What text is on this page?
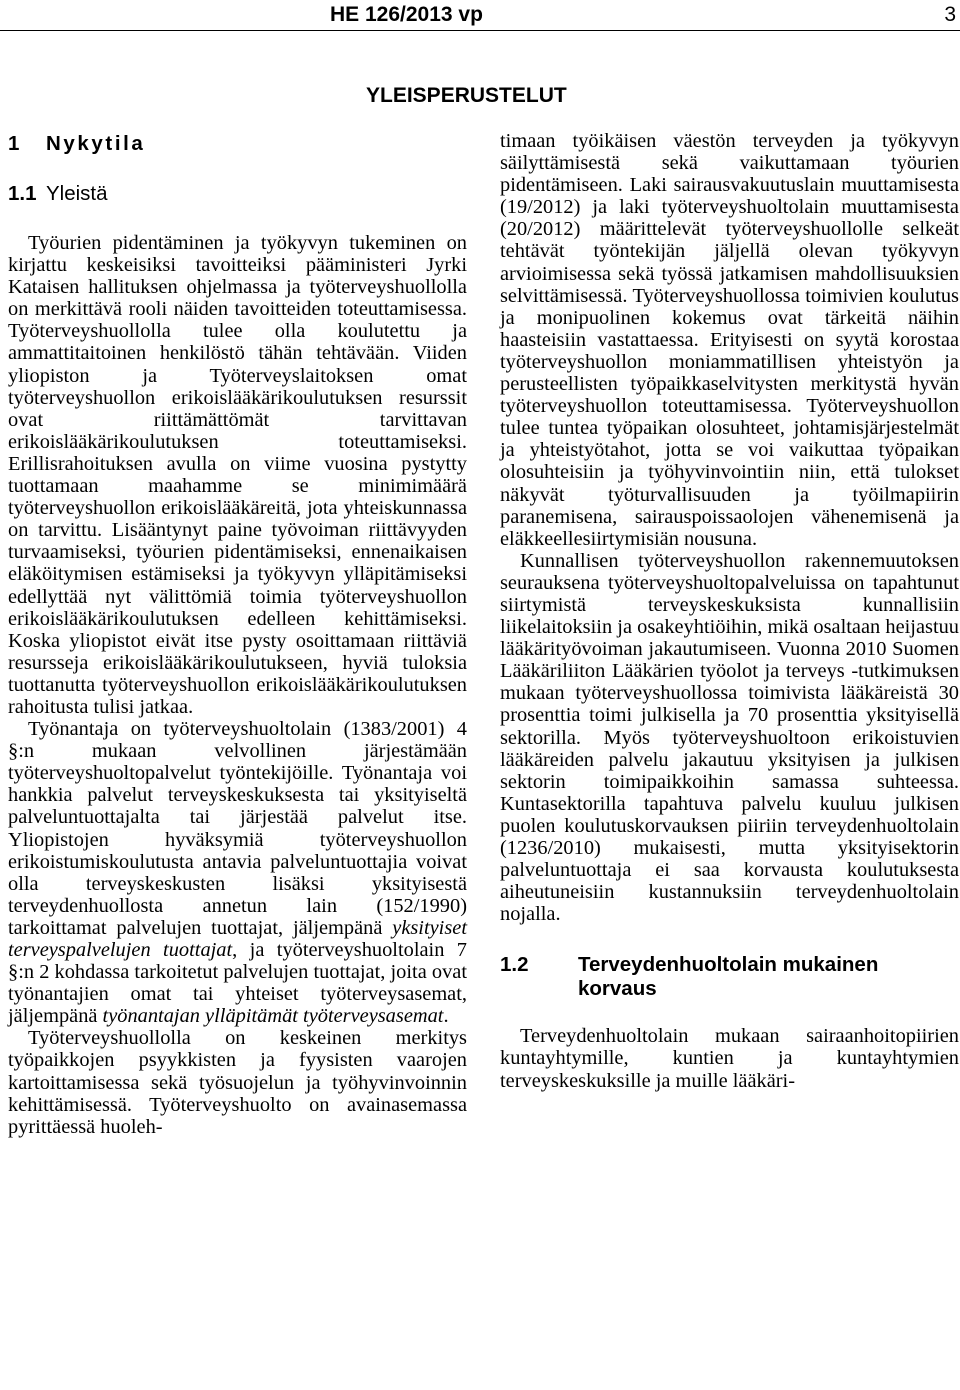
HE 126/2013 vp	3
YLEISPERUSTELUT
1 Nykytila
1.1 Yleistä

Työurien pidentäminen ja työkyvyn tukeminen on kirjattu keskeisiksi tavoitteiksi pääministeri Jyrki Kataisen hallituksen ohjelmassa ja työterveyshuollolla on merkittävä rooli näiden tavoitteiden toteuttamisessa. Työterveyshuollolla tulee olla koulutettu ja ammattitaitoinen henkilöstö tähän tehtävään. Viiden yliopiston ja Työterveyslaitoksen omat työterveyshuollon erikoislääkärikoulutuksen resurssit ovat riittämättömät tarvittavan erikoislääkärikoulutuksen toteuttamiseksi. Erillisrahoituksen avulla on viime vuosina pystytty tuottamaan maahamme se minimimäärä työterveyshuollon erikoislääkäreitä, jota yhteiskunnassa on tarvittu. Lisääntynyt paine työvoiman riittävyyden turvaamiseksi, työurien pidentämiseksi, ennenaikaisen eläköitymisen estämiseksi ja työkyvyn ylläpitämiseksi edellyttää nyt välittömiä toimia työterveyshuollon erikoislääkärikoulutuksen edelleen kehittämiseksi. Koska yliopistot eivät itse pysty osoittamaan riittäviä resursseja erikoislääkärikoulutukseen, hyviä tuloksia tuottanutta työterveyshuollon erikoislääkärikoulutuksen rahoitusta tulisi jatkaa.

Työnantaja on työterveyshuoltolain (1383/2001) 4 §:n mukaan velvollinen järjestämään työterveyshuoltopalvelut työntekijöille. Työnantaja voi hankkia palvelut terveyskeskuksesta tai yksityiseltä palveluntuottajalta tai järjestää palvelut itse. Yliopistojen hyväksymiä työterveyshuollon erikoistumiskoulutusta antavia palveluntuottajia voivat olla terveyskeskusten lisäksi yksityisestä terveydenhuollosta annetun lain (152/1990) tarkoittamat palvelujen tuottajat, jäljempänä yksityiset terveyspalvelujen tuottajat, ja työterveyshuoltolain 7 §:n 2 kohdassa tarkoitetut palvelujen tuottajat, joita ovat työnantajien omat tai yhteiset työterveysasemat, jäljempänä työnantajan ylläpitämät työterveysasemat.

Työterveyshuollolla on keskeinen merkitys työpaikkojen psyykkisten ja fyysisten vaarojen kartoittamisessa sekä työsuojelun ja työhyvinvoinnin kehittämisessä. Työterveyshuolto on avainasemassa pyrittäessä huoleh-

timaan työikäisen väestön terveyden ja työkyvyn säilyttämisestä sekä vaikuttamaan työurien pidentämiseen. Laki sairausvakuutuslain muuttamisesta (19/2012) ja laki työterveyshuoltolain muuttamisesta (20/2012) määrittelevät työterveyshuollolle selkeät tehtävät työntekijän jäljellä olevan työkyvyn arvioimisessa sekä työssä jatkamisen mahdollisuuksien selvittämisessä. Työterveyshuollossa toimivien koulutus ja monipuolinen kokemus ovat tärkeitä näihin haasteisiin vastattaessa. Erityisesti on syytä korostaa työterveyshuollon moniammatillisen yhteistyön ja perusteellisten työpaikkaselvitysten merkitystä hyvän työterveyshuollon toteuttamisessa. Työterveyshuollon tulee tuntea työpaikan olosuhteet, johtamisjärjestelmät ja yhteistyötahot, jotta se voi vaikuttaa työpaikan olosuhteisiin ja työhyvinvointiin niin, että tulokset näkyvät työturvallisuuden ja työilmapiirin paranemisena, sairauspoissaolojen vähenemisenä ja eläkkeellesiirtymisiän nousuna.

Kunnallisen työterveyshuollon rakennemuutoksen seurauksena työterveyshuoltopalveluissa on tapahtunut siirtymistä terveyskeskuksista kunnallisiin liikelaitoksiin ja osakeyhtiöihin, mikä osaltaan heijastuu lääkärityövoiman jakautumiseen. Vuonna 2010 Suomen Lääkäriliiton Lääkärien työolot ja terveys -tutkimuksen mukaan työterveyshuollossa toimivista lääkäreistä 30 prosenttia toimi julkisella ja 70 prosenttia yksityisellä sektorilla. Myös työterveyshuoltoon erikoistuvien lääkäreiden palvelu jakautuu yksityisen ja julkisen sektorin toimipaikkoihin samassa suhteessa. Kuntasektorilla tapahtuva palvelu kuuluu julkisen puolen koulutuskorvauksen piiriin terveydenhuoltolain (1236/2010) mukaisesti, mutta yksityisektorin palveluntuottaja ei saa korvausta koulutuksesta aiheutuneisiin kustannuksiin terveydenhuoltolain nojalla.

1.2	Terveydenhuoltolain mukainen korvaus

Terveydenhuoltolain mukaan sairaanhoitopiirien kuntayhtymille, kuntien ja kuntayhtymien terveyskeskuksille ja muille lääkäri-
